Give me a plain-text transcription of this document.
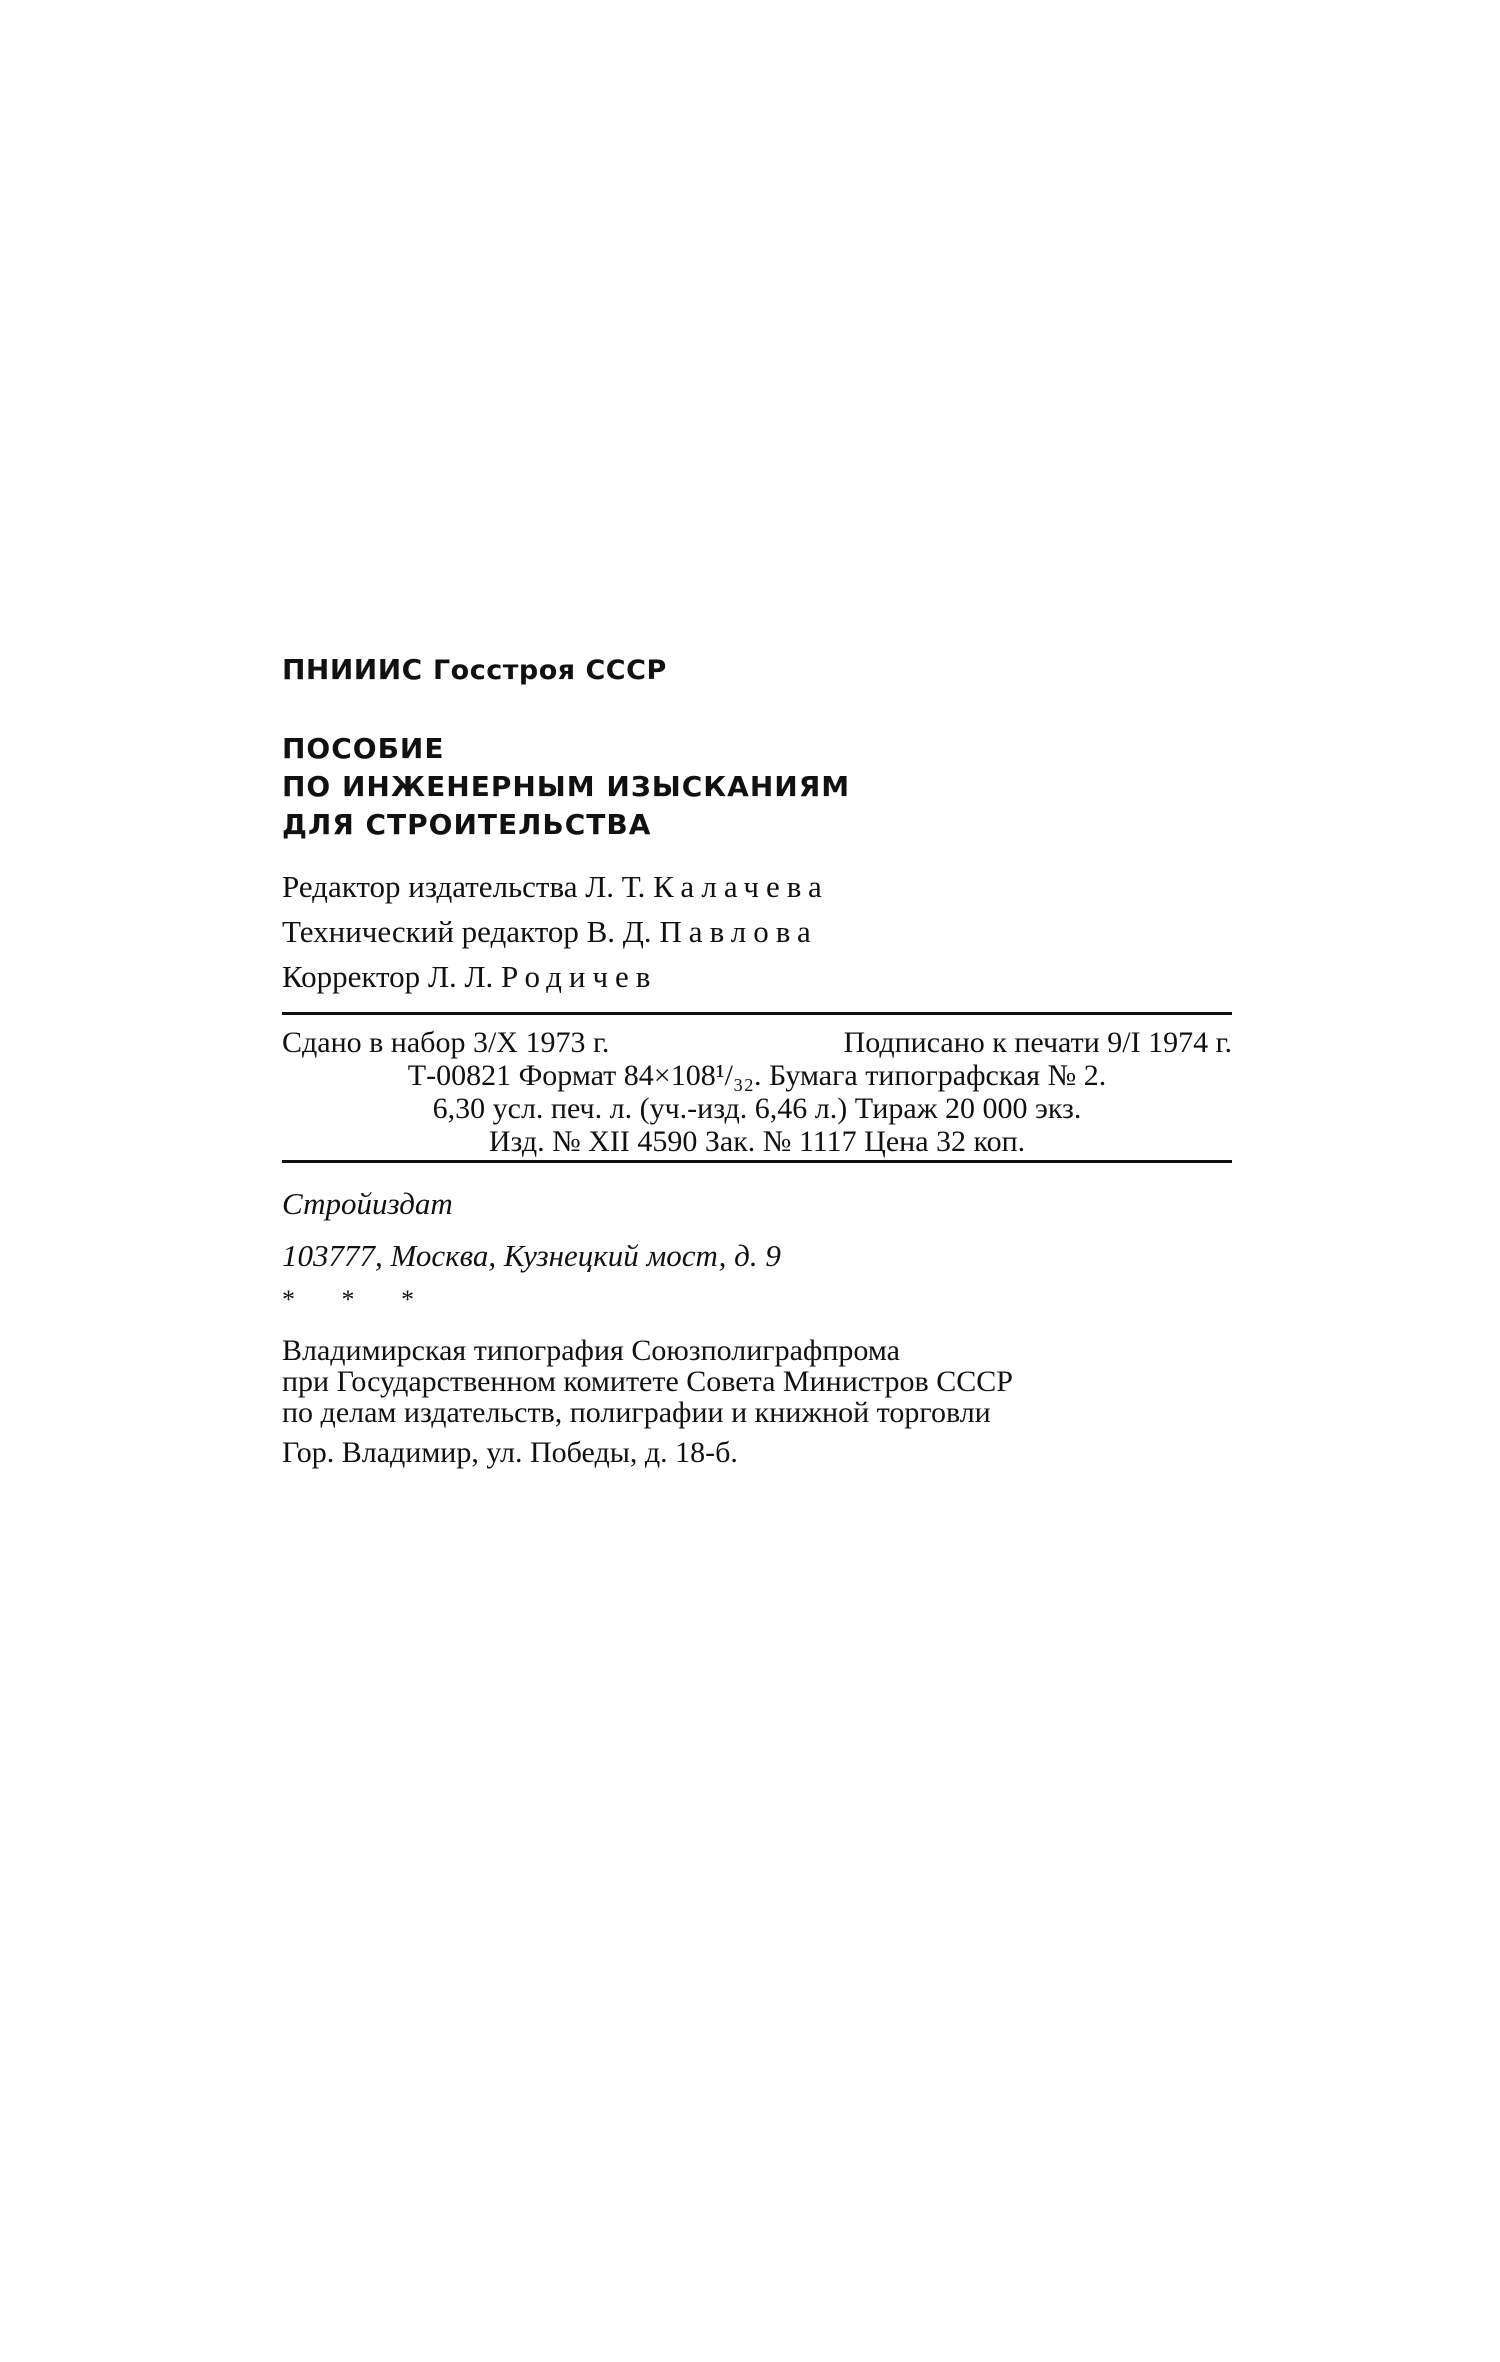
ПНИИИС Госстроя СССР
ПОСОБИЕ
ПО ИНЖЕНЕРНЫМ ИЗЫСКАНИЯМ
ДЛЯ СТРОИТЕЛЬСТВА
Редактор издательства Л. Т. Калачева
Технический редактор В. Д. Павлова
Корректор Л. Л. Родичев
Сдано в набор 3/X 1973 г.	Подписано к печати 9/I 1974 г.
Т-00821 Формат 84×108¹/₃₂. Бумага типографская № 2.
6,30 усл. печ. л. (уч.-изд. 6,46 л.) Тираж 20 000 экз.
Изд. № XII 4590 Зак. № 1117 Цена 32 коп.
Стройиздат
103777, Москва, Кузнецкий мост, д. 9
* * *
Владимирская типография Союзполиграфпрома
при Государственном комитете Совета Министров СССР
по делам издательств, полиграфии и книжной торговли
Гор. Владимир, ул. Победы, д. 18-б.
